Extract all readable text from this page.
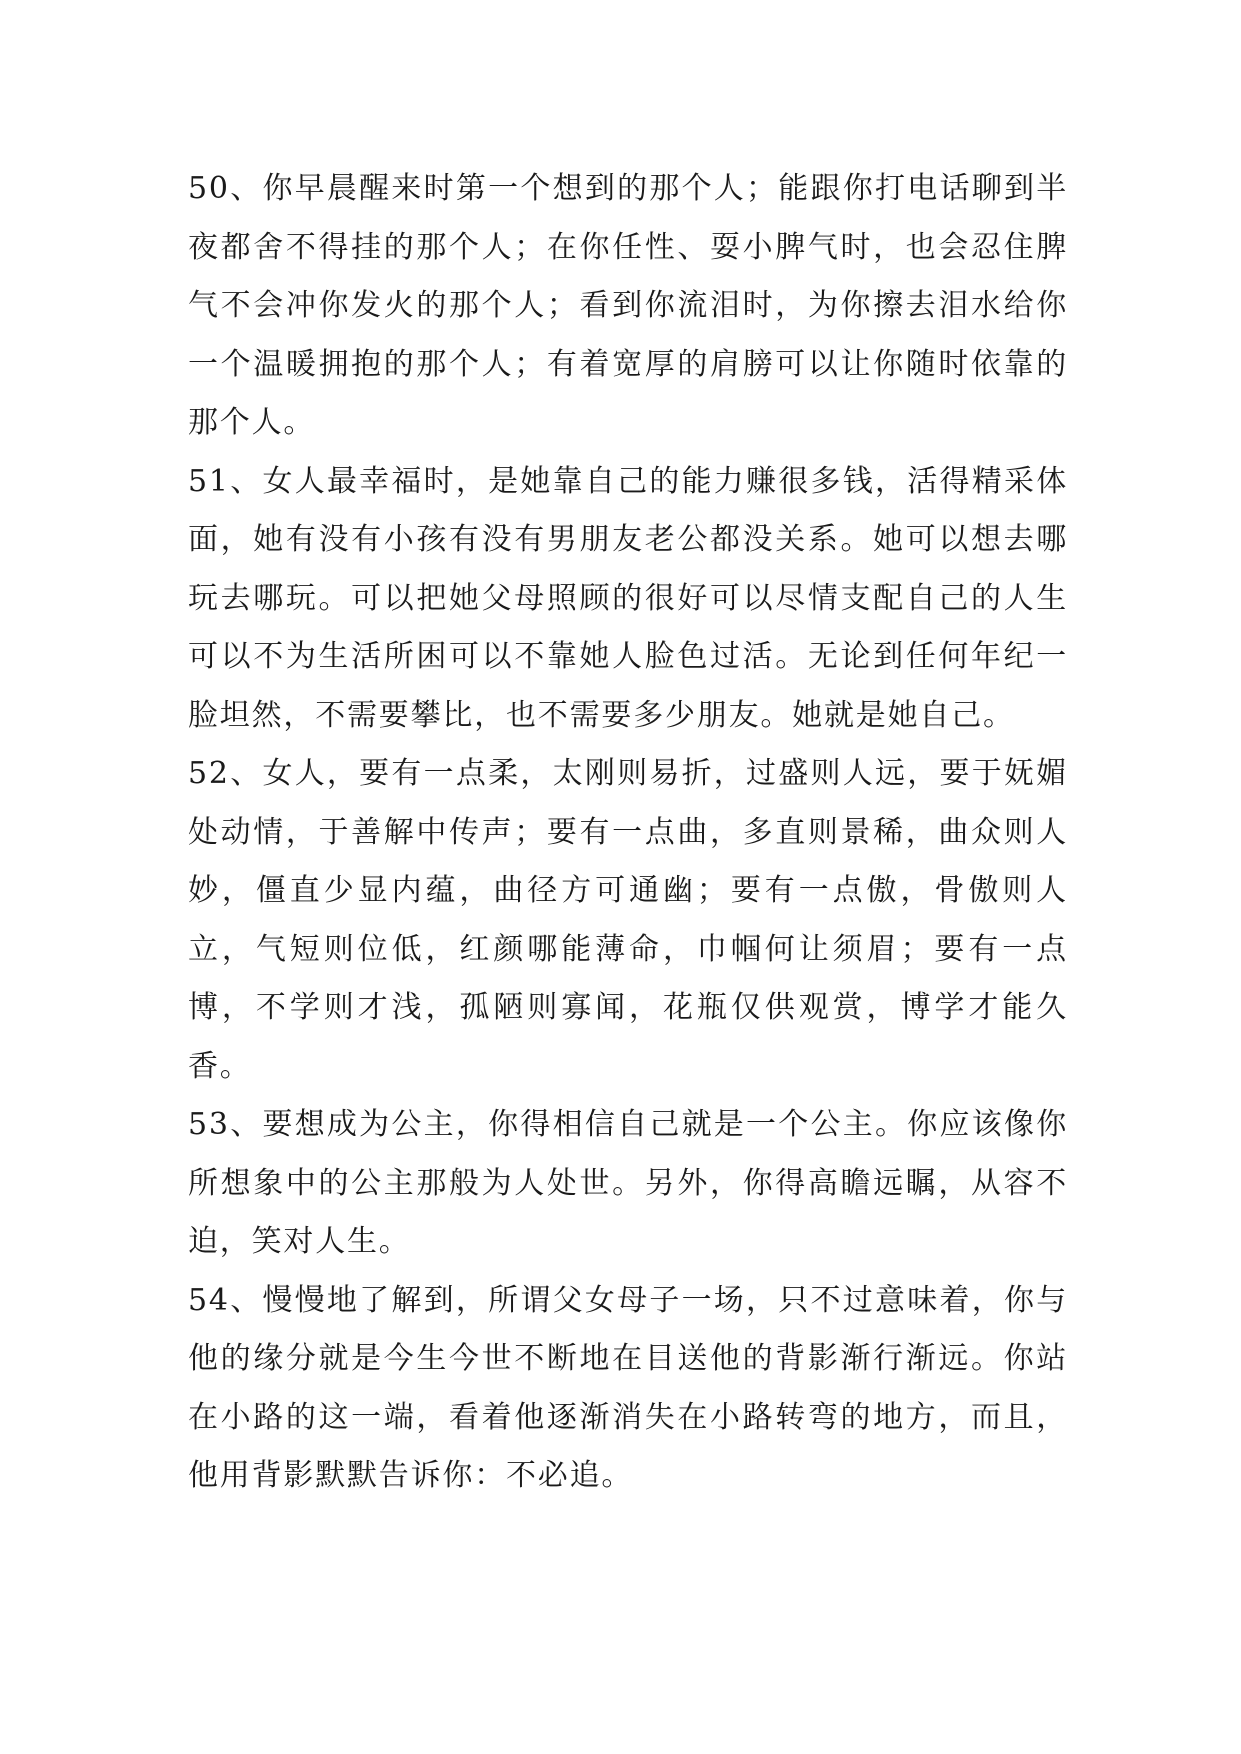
50、你早晨醒来时第一个想到的那个人；能跟你打电话聊到半夜都舍不得挂的那个人；在你任性、耍小脾气时，也会忍住脾气不会冲你发火的那个人；看到你流泪时，为你擦去泪水给你一个温暖拥抱的那个人；有着宽厚的肩膀可以让你随时依靠的那个人。

51、女人最幸福时，是她靠自己的能力赚很多钱，活得精采体面，她有没有小孩有没有男朋友老公都没关系。她可以想去哪玩去哪玩。可以把她父母照顾的很好可以尽情支配自己的人生可以不为生活所困可以不靠她人脸色过活。无论到任何年纪一脸坦然，不需要攀比，也不需要多少朋友。她就是她自己。

52、女人，要有一点柔，太刚则易折，过盛则人远，要于妩媚处动情，于善解中传声；要有一点曲，多直则景稀，曲众则人妙，僵直少显内蕴，曲径方可通幽；要有一点傲，骨傲则人立，气短则位低，红颜哪能薄命，巾帼何让须眉；要有一点博，不学则才浅，孤陋则寡闻，花瓶仅供观赏，博学才能久香。

53、要想成为公主，你得相信自己就是一个公主。你应该像你所想象中的公主那般为人处世。另外，你得高瞻远瞩，从容不迫，笑对人生。

54、慢慢地了解到，所谓父女母子一场，只不过意味着，你与他的缘分就是今生今世不断地在目送他的背影渐行渐远。你站在小路的这一端，看着他逐渐消失在小路转弯的地方，而且，他用背影默默告诉你：不必追。
